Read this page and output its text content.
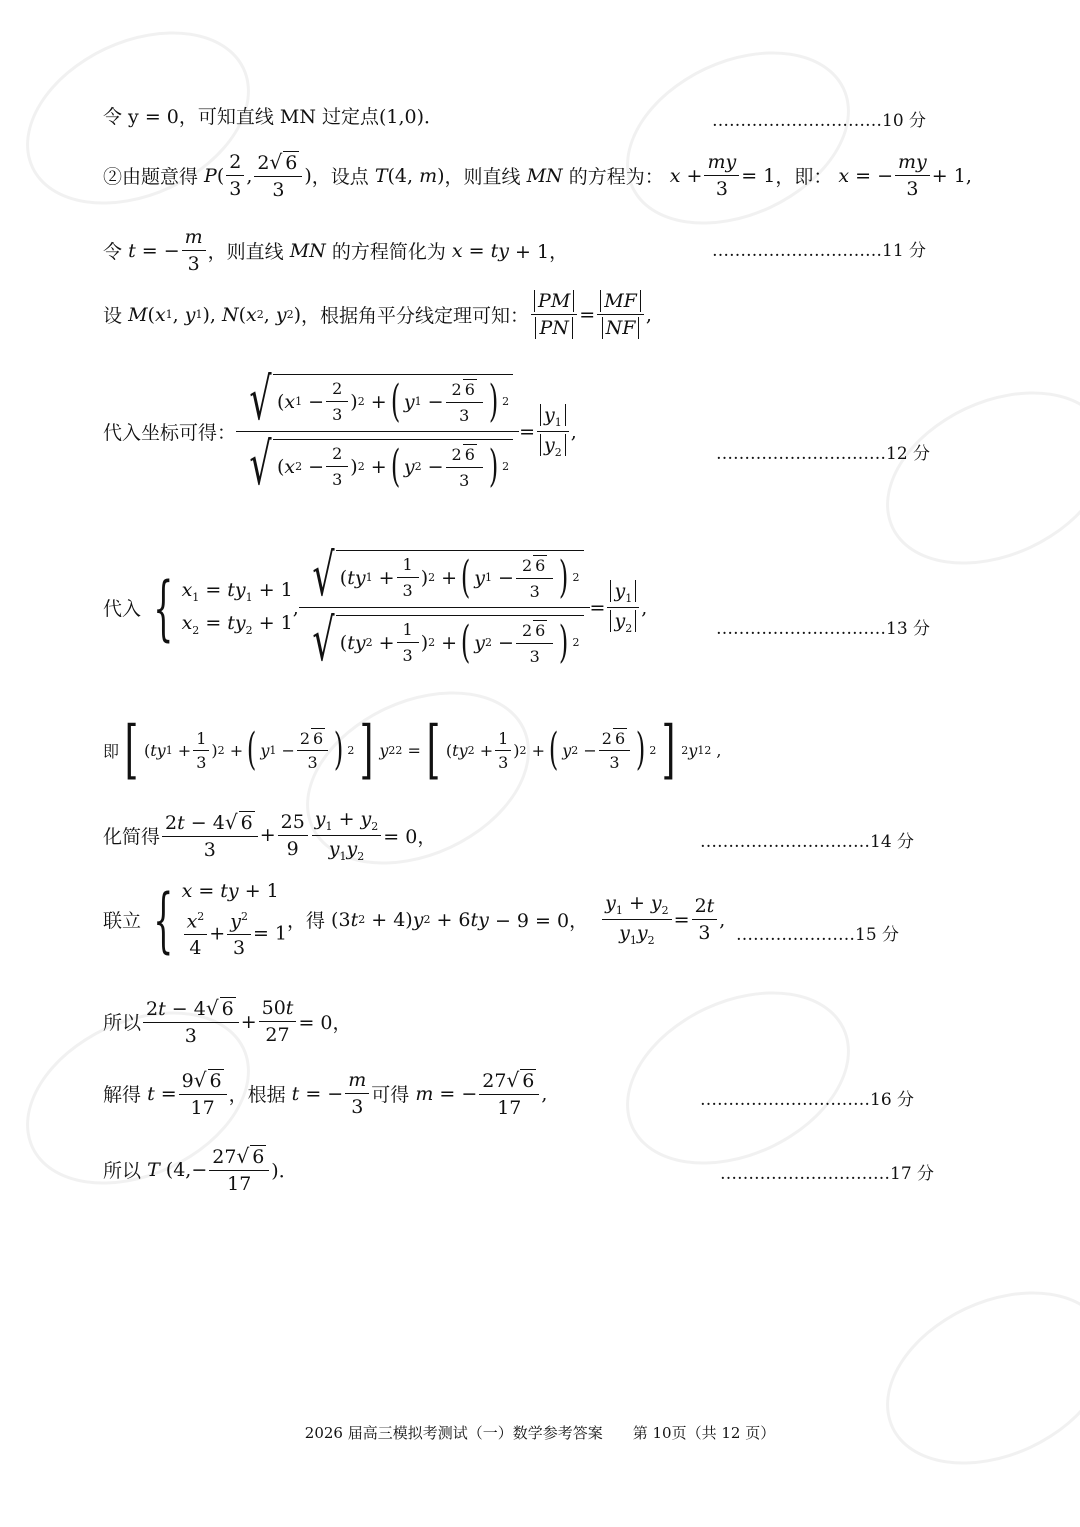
令 y = 0，可知直线 MN 过定点(1,0)．	…………………………10 分
②由题意得 P ( $\frac{2}{3}$ , $\frac{2√ 6}{3}$ ) ，设点 T (4, m ) ，则直线 MN 的方程为：
$x + \frac{my}{3} = 1$ ，即：
x = − $\frac{my}{3} + 1$,
令
t = − $\frac{m}{3}$ ，则直线 MN 的方程简化为
x = ty + 1，	…………………………11 分
设
M ( x 1 , y 1 ), N ( x 2 , y 2 ) ，根据角平分线定理可知： $\frac{PM}{PN} = \frac{MF}{NF}$ ,
代入坐标可得： $\frac{√ ( x 1 - \frac{2}{3} ) 2 + ( y 1 - \frac{2 6}{3} ) 2}{√ ( x 2 - \frac{2}{3} ) 2 + ( y 2 - \frac{2 6}{3} ) 2} = \frac{y_1}{y_2}$ ,
…………………………12 分
代入 { $x_1 = ty_1 + 1$
$x_2 = ty_2 + 1$
, $\frac{√ ( ty 1 + \frac{1}{3} ) 2 + ( y 1 - \frac{2 6}{3} ) 2}{√ ( ty 2 + \frac{1}{3} ) 2 + ( y 2 - \frac{2 6}{3} ) 2} = \frac{y_1}{y_2}$ ,
…………………………13 分
即 [ ( ty $1 + \frac{1}{3}$ ) 2 + ( y $1 - \frac{2 6}{3}$ ) 2 ] y 2 2 = [ ( ty $2 + \frac{1}{3}$ ) 2 + ( y $2 - \frac{2 6}{3}$ ) 2 ] 2 y 1 2 ,
化简得 $\frac{2t - 4√ 6}{3} + \frac{25}{9} \frac{y_1 + y_2}{y_1y_2} = 0$，	…………………………14 分
联立 { x = ty + 1
$\frac{x^2}{4} + \frac{y^2}{3} = 1$
，得 (3 t 2 + 4) y 2 + 6 ty − 9 = 0， $\frac{y_1 + y_2}{y_1y_2} = \frac{2t}{3}$ ,
…………………15 分
所以 $\frac{2t - 4√ 6}{3} + \frac{50t}{27} = 0$，
解得
$t = \frac{9√ 6}{17}$ ，根据
t = − $\frac{m}{3}$ 可得
m = − $\frac{27√ 6}{17}$ ,	…………………………16 分
所以
T ($4,- \frac{27√ 6}{17}$ )．	…………………………17 分
2026 届高三模拟考测试（一）数学参考答案　　第 10页（共 12 页）
